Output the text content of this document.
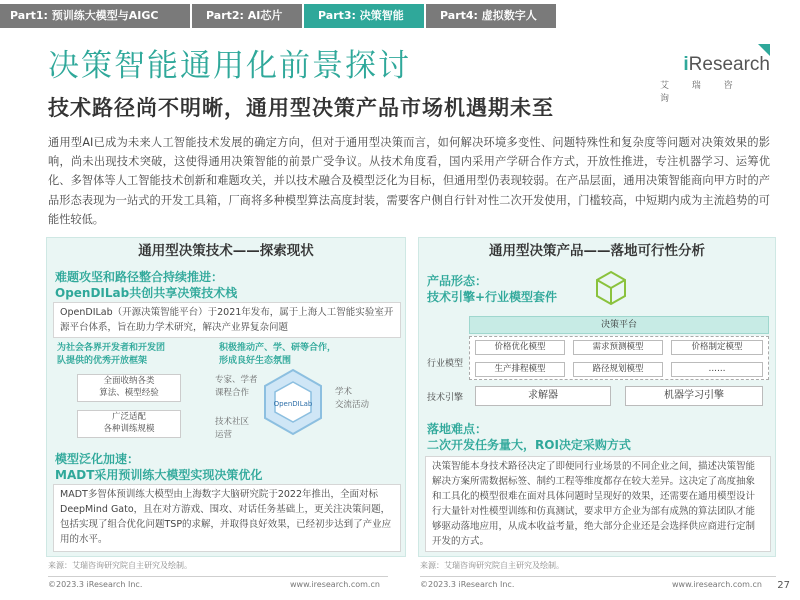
Part1: 预训练大模型与AIGC	Part2: AI芯片	Part3: 决策智能	Part4: 虚拟数字人
iResearch
艾 瑞 咨 询
决策智能通用化前景探讨
技术路径尚不明晰，通用型决策产品市场机遇期未至

通用型AI已成为未来人工智能技术发展的确定方向，但对于通用型决策而言，如何解决环境多变性、问题特殊性和复杂度等问题对决策效果的影响，尚未出现技术突破，这使得通用决策智能的前景广受争议。从技术角度看，国内采用产学研合作方式，开放性推进，专注机器学习、运筹优化、多智体等人工智能技术创新和难题攻关，并以技术融合及模型泛化为目标，但通用型仍表现较弱。在产品层面，通用决策智能商向甲方时的产品形态表现为一站式的开发工具箱，厂商将多种模型算法高度封装，需要客户侧自行针对性二次开发使用，门槛较高，中短期内成为主流趋势的可能性较低。

通用型决策技术——探索现状
难题攻坚和路径整合持续推进：
OpenDILab共创共享决策技术栈
OpenDILab（开源决策智能平台）于2021年发布，属于上海人工智能实验室开源平台体系，旨在助力学术研究，解决产业界复杂问题
为社会各界开发者和开发团
队提供的优秀开放框架
积极推动产、学、研等合作，
形成良好生态氛围
全面收纳各类
算法、模型经验
广泛适配
各种训练规模
OpenDILab
专家、学者
课程合作	学术
交流活动
技术社区
运营
模型泛化加速：
MADT采用预训练大模型实现决策优化
MADT多智体预训练大模型由上海数字大脑研究院于2022年推出，全面对标DeepMind Gato，且在对方游戏、围攻、对话任务基础上，更关注决策问题，包括实现了组合优化问题TSP的求解，并取得良好效果，已经初步达到了产业应用的水平。
通用型决策产品——落地可行性分析
产品形态：
技术引擎+行业模型套件
决策平台
行业模型
价格优化模型	需求预测模型	价格制定模型
生产排程模型	路径规划模型	……
技术引擎	求解器	机器学习引擎
落地难点：
二次开发任务量大，ROI决定采购方式
决策智能本身技术路径决定了即便同行业场景的不同企业之间，描述决策智能解决方案所需数据标签、制约工程等维度都存在较大差异。这决定了高度抽象和工具化的模型很难在面对具体问题时呈现好的效果，还需要在通用模型设计行大量针对性模型训练和仿真测试，要求甲方企业为部有成熟的算法团队才能够驱动落地应用，从成本收益考量，绝大部分企业还是会选择供应商进行定制开发的方式。
来源：艾瑞咨询研究院自主研究及绘制。	来源：艾瑞咨询研究院自主研究及绘制。
©2023.3 iResearch Inc.	www.iresearch.com.cn	©2023.3 iResearch Inc.	www.iresearch.com.cn 27
